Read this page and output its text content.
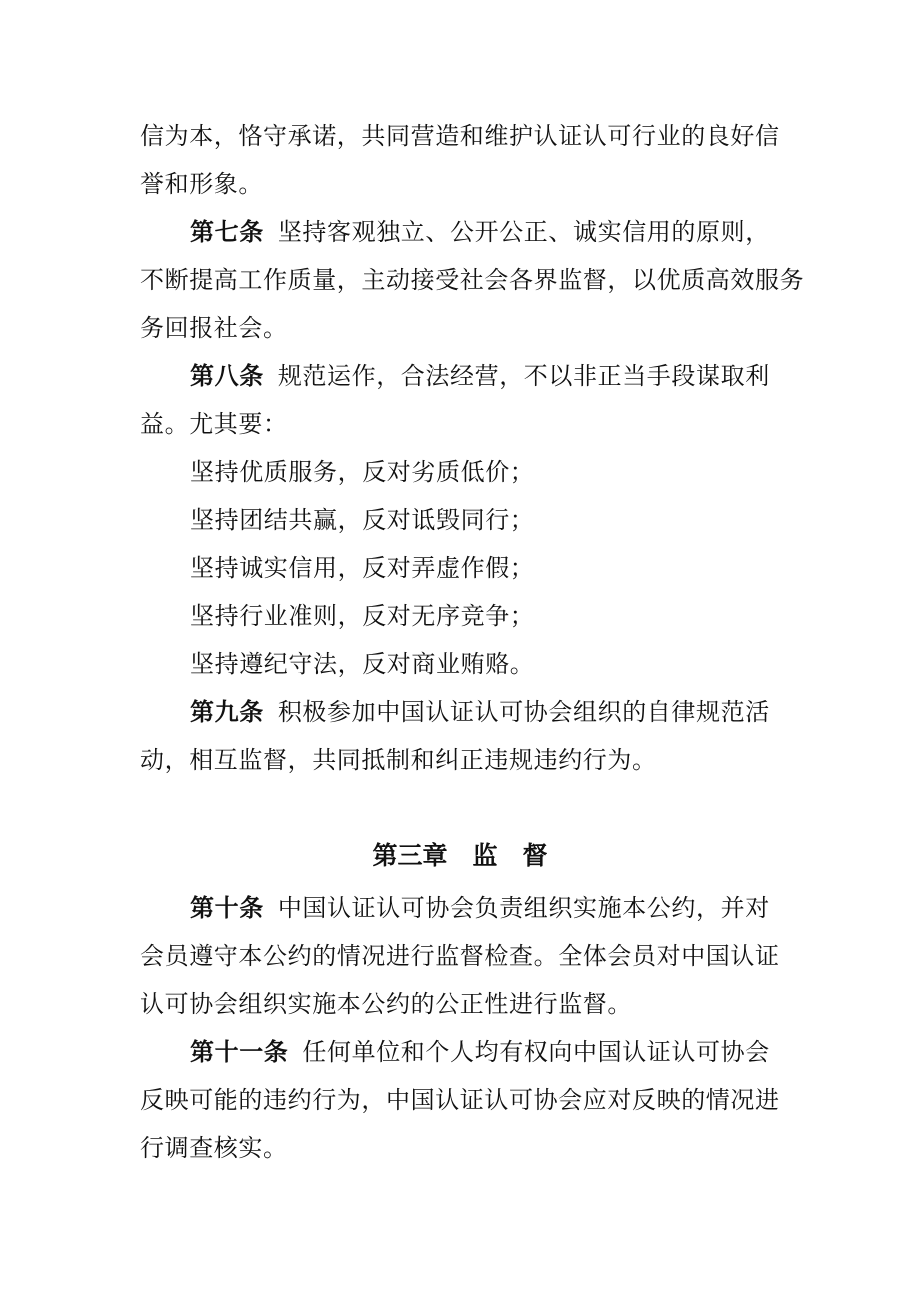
信为本，恪守承诺，共同营造和维护认证认可行业的良好信
誉和形象。
第七条 坚持客观独立、公开公正、诚实信用的原则，
不断提高工作质量，主动接受社会各界监督，以优质高效服务
务回报社会。
第八条 规范运作，合法经营，不以非正当手段谋取利
益。尤其要：
坚持优质服务，反对劣质低价；
坚持团结共赢，反对诋毁同行；
坚持诚实信用，反对弄虚作假；
坚持行业准则，反对无序竞争；
坚持遵纪守法，反对商业贿赂。
第九条 积极参加中国认证认可协会组织的自律规范活
动，相互监督，共同抵制和纠正违规违约行为。
第三章　监　督
第十条 中国认证认可协会负责组织实施本公约，并对
会员遵守本公约的情况进行监督检查。全体会员对中国认证
认可协会组织实施本公约的公正性进行监督。
第十一条 任何单位和个人均有权向中国认证认可协会
反映可能的违约行为，中国认证认可协会应对反映的情况进
行调查核实。
